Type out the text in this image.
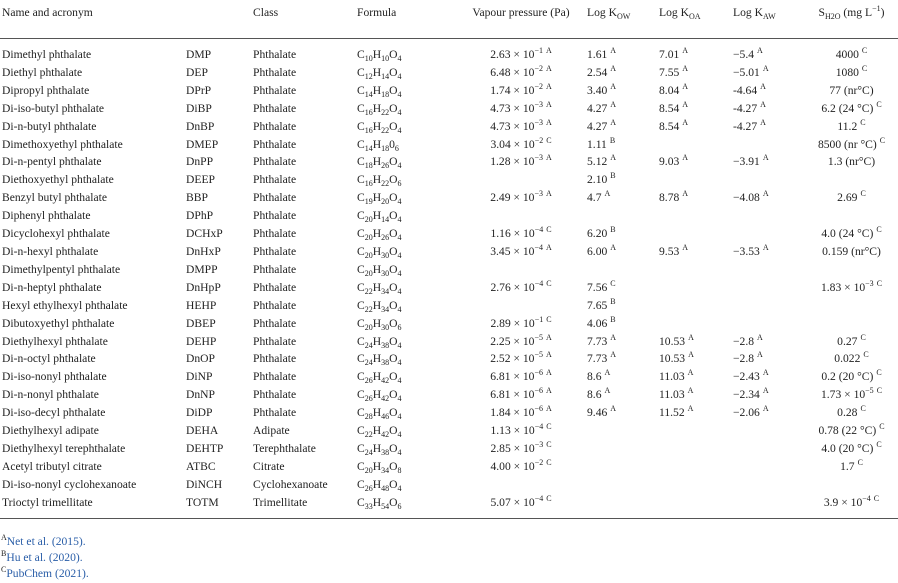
Name and acronym		Class	Formula	Vapour pressure (Pa)	Log $K_{OW}$	Log $K_{OA}$	Log $K_{AW}$	$S_{H2O}$ (mg $L^{-1}$)
Dimethyl phthalate	DMP	Phthalate	$C_{10}H_{10}O_4$	$2.63 \times 10^{-1}$ $^A$	1.61 $^A$	7.01 $^A$	−5.4 $^A$	4000 $^C$
Diethyl phthalate	DEP	Phthalate	$C_{12}H_{14}O_4$	$6.48 \times 10^{-2}$ $^A$	2.54 $^A$	7.55 $^A$	−5.01 $^A$	1080 $^C$
Dipropyl phthalate	DPrP	Phthalate	$C_{14}H_{18}O_4$	$1.74 \times 10^{-2}$ $^A$	3.40 $^A$	8.04 $^A$	-4.64 $^A$	77 (nr°C)
Di-iso-butyl phthalate	DiBP	Phthalate	$C_{16}H_{22}O_4$	$4.73 \times 10^{-3}$ $^A$	4.27 $^A$	8.54 $^A$	-4.27 $^A$	6.2 (24 °C) $^C$
Di-n-butyl phthalate	DnBP	Phthalate	$C_{16}H_{22}O_4$	$4.73 \times 10^{-3}$ $^A$	4.27 $^A$	8.54 $^A$	-4.27 $^A$	11.2 $^C$
Dimethoxyethyl phthalate	DMEP	Phthalate	$C_{14}H_{18}0_6$	$3.04 \times 10^{-2}$ $^C$	1.11 $^B$			8500 (nr °C) $^C$
Di-n-pentyl phthalate	DnPP	Phthalate	$C_{18}H_{26}O_4$	$1.28 \times 10^{-3}$ $^A$	5.12 $^A$	9.03 $^A$	−3.91 $^A$	1.3 (nr°C)
Diethoxyethyl phthalate	DEEP	Phthalate	$C_{16}H_{22}O_6$		2.10 $^B$			
Benzyl butyl phthalate	BBP	Phthalate	$C_{19}H_{20}O_4$	$2.49 \times 10^{-3}$ $^A$	4.7 $^A$	8.78 $^A$	−4.08 $^A$	2.69 $^C$
Diphenyl phthalate	DPhP	Phthalate	$C_{20}H_{14}O_4$					
Dicyclohexyl phthalate	DCHxP	Phthalate	$C_{20}H_{26}O_4$	$1.16 \times 10^{-4}$ $^C$	6.20 $^B$			4.0 (24 °C) $^C$
Di-n-hexyl phthalate	DnHxP	Phthalate	$C_{20}H_{30}O_4$	$3.45 \times 10^{-4}$ $^A$	6.00 $^A$	9.53 $^A$	−3.53 $^A$	0.159 (nr°C)
Dimethylpentyl phthalate	DMPP	Phthalate	$C_{20}H_{30}O_4$					
Di-n-heptyl phthalate	DnHpP	Phthalate	$C_{22}H_{34}O_4$	$2.76 \times 10^{-4}$ $^C$	7.56 $^C$			$1.83 \times 10^{-3}$ $^C$
Hexyl ethylhexyl phthalate	HEHP	Phthalate	$C_{22}H_{34}O_4$		7.65 $^B$			
Dibutoxyethyl phthalate	DBEP	Phthalate	$C_{20}H_{30}O_6$	$2.89 \times 10^{-1}$ $^C$	4.06 $^B$			
Diethylhexyl phthalate	DEHP	Phthalate	$C_{24}H_{38}O_4$	$2.25 \times 10^{-5}$ $^A$	7.73 $^A$	10.53 $^A$	−2.8 $^A$	0.27 $^C$
Di-n-octyl phthalate	DnOP	Phthalate	$C_{24}H_{38}O_4$	$2.52 \times 10^{-5}$ $^A$	7.73 $^A$	10.53 $^A$	−2.8 $^A$	0.022 $^C$
Di-iso-nonyl phthalate	DiNP	Phthalate	$C_{26}H_{42}O_4$	$6.81 \times 10^{-6}$ $^A$	8.6 $^A$	11.03 $^A$	−2.43 $^A$	0.2 (20 °C) $^C$
Di-n-nonyl phthalate	DnNP	Phthalate	$C_{26}H_{42}O_4$	$6.81 \times 10^{-6}$ $^A$	8.6 $^A$	11.03 $^A$	−2.34 $^A$	$1.73 \times 10^{-5}$ $^C$
Di-iso-decyl phthalate	DiDP	Phthalate	$C_{28}H_{46}O_4$	$1.84 \times 10^{-6}$ $^A$	9.46 $^A$	11.52 $^A$	−2.06 $^A$	0.28 $^C$
Diethylhexyl adipate	DEHA	Adipate	$C_{22}H_{42}O_4$	$1.13 \times 10^{-4}$ $^C$				0.78 (22 °C) $^C$
Diethylhexyl terephthalate	DEHTP	Terephthalate	$C_{24}H_{38}O_4$	$2.85 \times 10^{-3}$ $^C$				4.0 (20 °C) $^C$
Acetyl tributyl citrate	ATBC	Citrate	$C_{20}H_{34}O_8$	$4.00 \times 10^{-2}$ $^C$				1.7 $^C$
Di-iso-nonyl cyclohexanoate	DiNCH	Cyclohexanoate	$C_{26}H_{48}O_4$					
Trioctyl trimellitate	TOTM	Trimellitate	$C_{33}H_{54}O_6$	$5.07 \times 10^{-4}$ $^C$				$3.9 \times 10^{-4}$ $^C$
$^A$Net et al. (2015).
$^B$Hu et al. (2020).
$^C$PubChem (2021).
